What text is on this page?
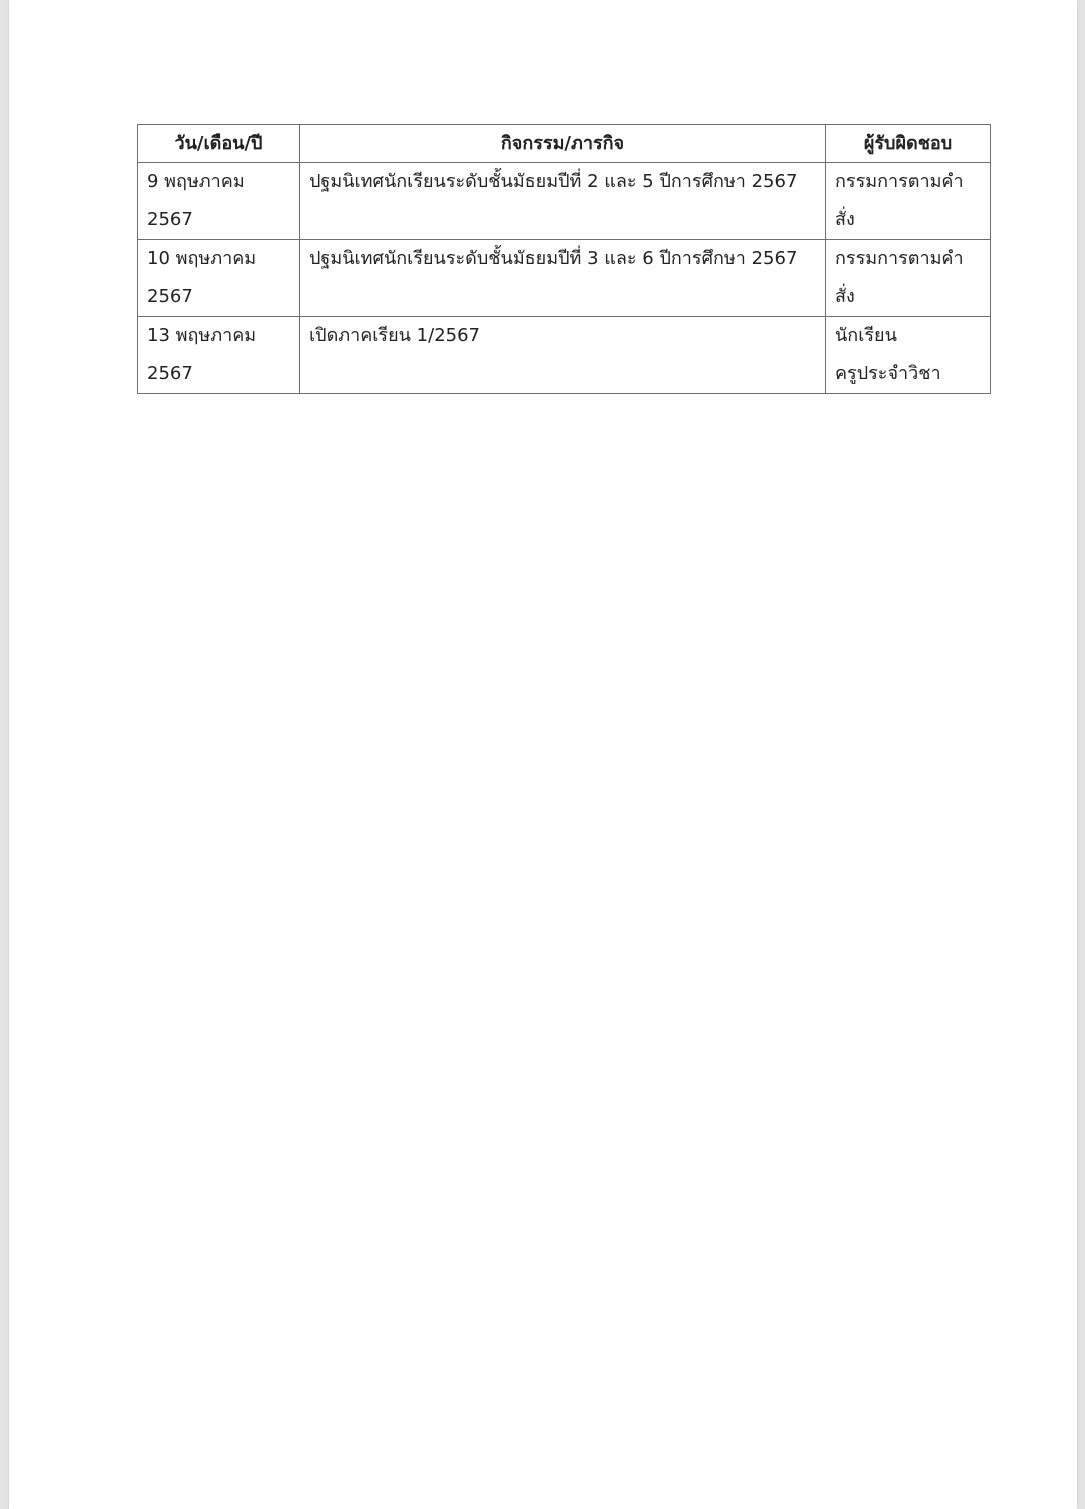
วัน/เดือน/ปี	กิจกรรม/ภารกิจ	ผู้รับผิดชอบ

9 พฤษภาคม
2567	ปฐมนิเทศนักเรียนระดับชั้นมัธยมปีที่ 2 และ 5 ปีการศึกษา 2567	กรรมการตามคำสั่ง

10 พฤษภาคม
2567	ปฐมนิเทศนักเรียนระดับชั้นมัธยมปีที่ 3 และ 6 ปีการศึกษา 2567	กรรมการตามคำสั่ง

13 พฤษภาคม
2567	เปิดภาคเรียน 1/2567	นักเรียน
ครูประจำวิชา
